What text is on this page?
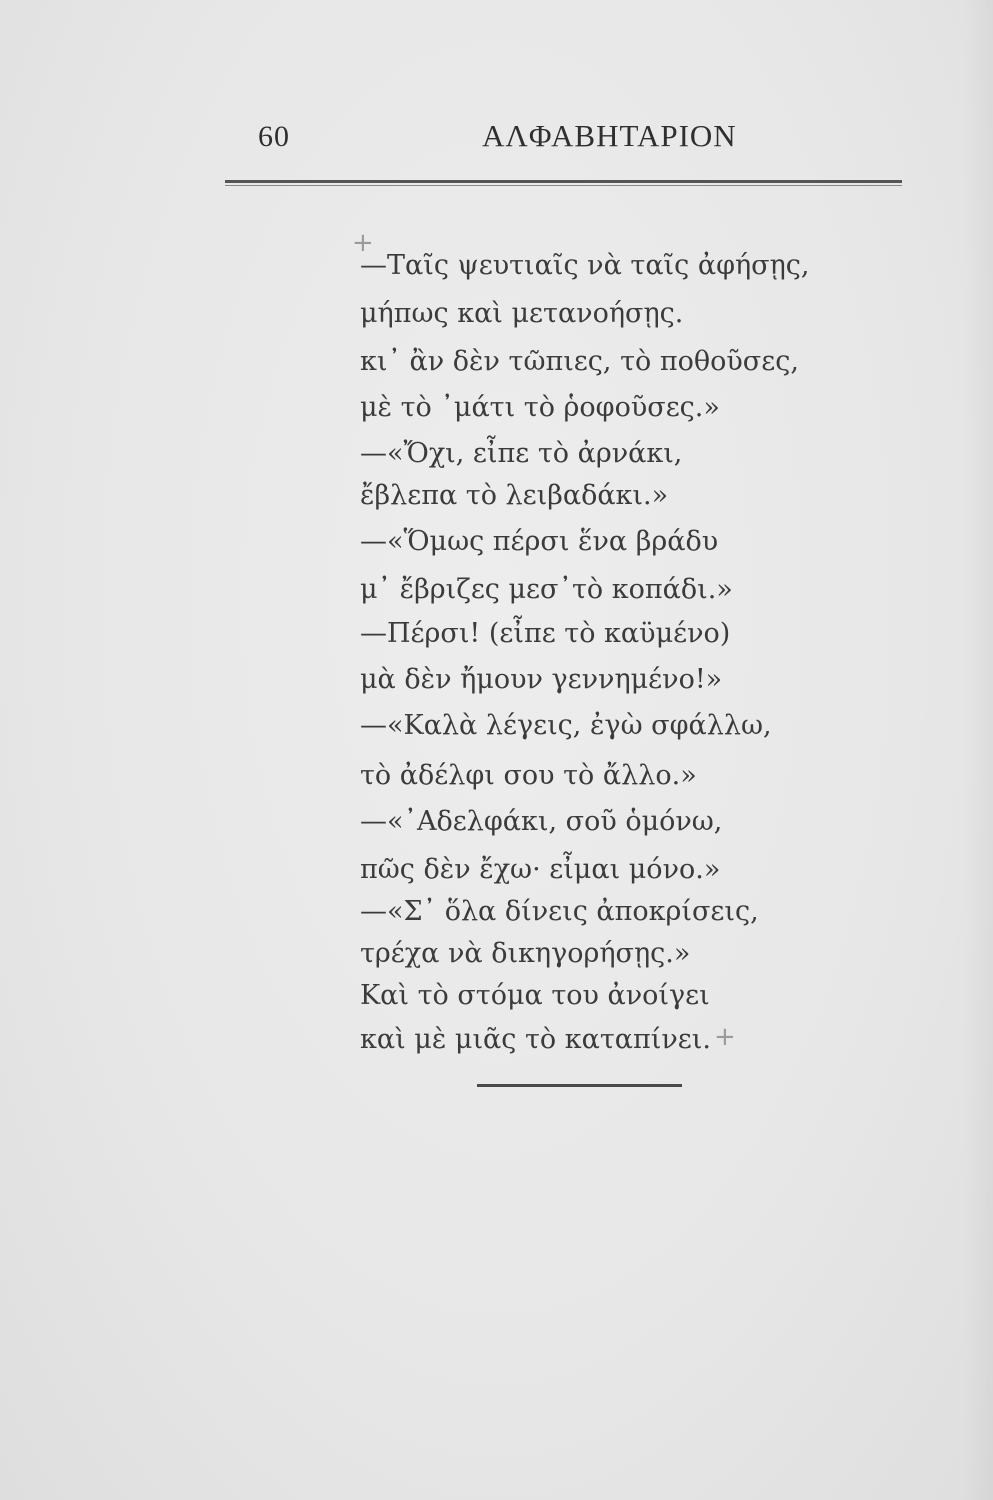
60	ΑΛΦΑΒΗΤΑΡΙΟΝ
+
—Ταῖς ψευτιαῖς νὰ ταῖς ἀφήσῃς,
μήπως καὶ μετανοήσῃς.
κι᾽ ἂν δὲν τῶπιες, τὸ ποθοῦσες,
μὲ τὸ ᾽μάτι τὸ ῥοφοῦσες.»
—«Ὄχι, εἶπε τὸ ἀρνάκι,
ἔβλεπα τὸ λειβαδάκι.»
—«Ὅμως πέρσι ἕνα βράδυ
μ᾽ ἔβριζες μεσ᾽τὸ κοπάδι.»
—Πέρσι! (εἶπε τὸ καϋμένο)
μὰ δὲν ἤμουν γεννημένο!»
—«Καλὰ λέγεις, ἐγὼ σφάλλω,
τὸ ἀδέλφι σου τὸ ἄλλο.»
—«᾽Αδελφάκι, σοῦ ὁμόνω,
πῶς δὲν ἔχω· εἶμαι μόνο.»
—«Σ᾽ ὅλα δίνεις ἀποκρίσεις,
τρέχα νὰ δικηγορήσῃς.»
Καὶ τὸ στόμα του ἀνοίγει
καὶ μὲ μιᾶς τὸ καταπίνει. +
